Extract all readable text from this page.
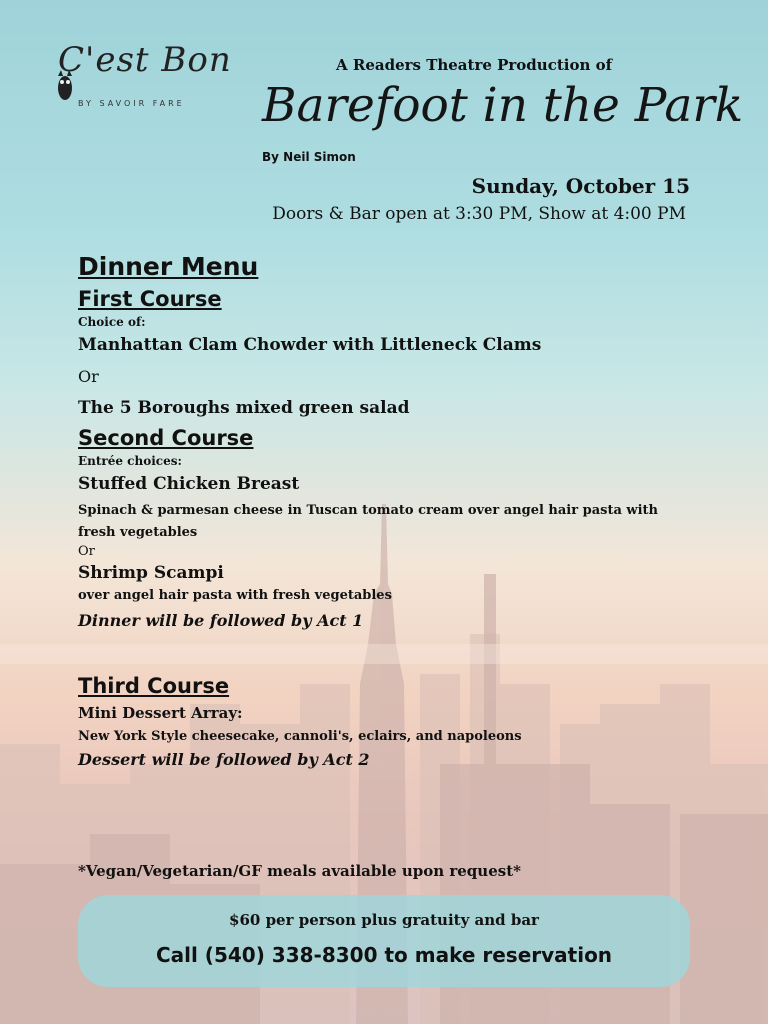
C'est Bon
BY SAVOIR FARE
A Readers Theatre Production of
Barefoot in the Park
By Neil Simon
Sunday, October 15
Doors & Bar open at 3:30 PM, Show at 4:00 PM
Dinner Menu
First Course
Choice of:
Manhattan Clam Chowder with Littleneck Clams
Or
The 5 Boroughs mixed green salad
Second Course
Entrée choices:
Stuffed Chicken Breast
Spinach & parmesan cheese in Tuscan tomato cream over angel hair pasta with fresh vegetables
Or
Shrimp Scampi
over angel hair pasta with fresh vegetables
Dinner will be followed by Act 1
Third Course
Mini Dessert Array:
New York Style cheesecake, cannoli's, eclairs, and napoleons
Dessert will be followed by Act 2
*Vegan/Vegetarian/GF meals available upon request*
$60 per person plus gratuity and bar
Call (540) 338-8300 to make reservation
